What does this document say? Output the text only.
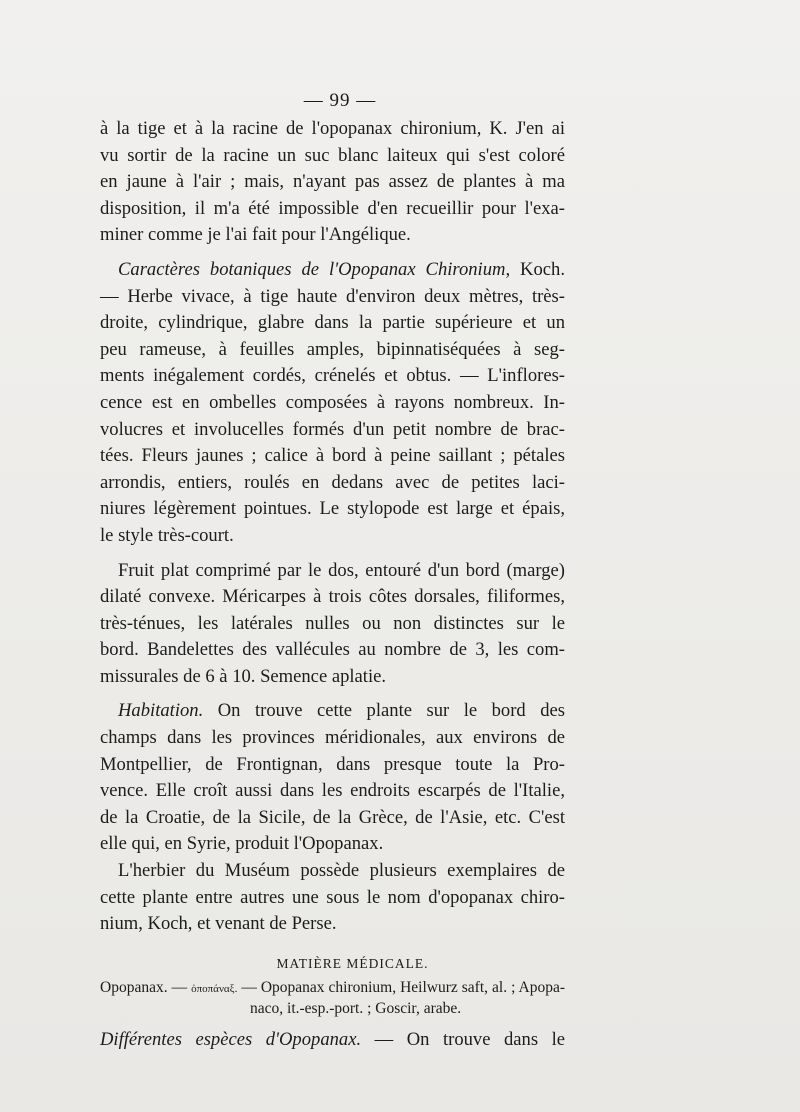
— 99 —
à la tige et à la racine de l'opopanax chironium, K. J'en ai
vu sortir de la racine un suc blanc laiteux qui s'est coloré
en jaune à l'air ; mais, n'ayant pas assez de plantes à ma
disposition, il m'a été impossible d'en recueillir pour l'exa-
miner comme je l'ai fait pour l'Angélique.
Caractères botaniques de l'Opopanax Chironium, Koch.
— Herbe vivace, à tige haute d'environ deux mètres, très-
droite, cylindrique, glabre dans la partie supérieure et un
peu rameuse, à feuilles amples, bipinnatiséquées à seg-
ments inégalement cordés, crénelés et obtus. — L'inflores-
cence est en ombelles composées à rayons nombreux. In-
volucres et involucelles formés d'un petit nombre de brac-
tées. Fleurs jaunes ; calice à bord à peine saillant ; pétales
arrondis, entiers, roulés en dedans avec de petites laci-
niures légèrement pointues. Le stylopode est large et épais,
le style très-court.
Fruit plat comprimé par le dos, entouré d'un bord (marge)
dilaté convexe. Méricarpes à trois côtes dorsales, filiformes,
très-ténues, les latérales nulles ou non distinctes sur le
bord. Bandelettes des vallécules au nombre de 3, les com-
missurales de 6 à 10. Semence aplatie.
Habitation. On trouve cette plante sur le bord des
champs dans les provinces méridionales, aux environs de
Montpellier, de Frontignan, dans presque toute la Pro-
vence. Elle croît aussi dans les endroits escarpés de l'Italie,
de la Croatie, de la Sicile, de la Grèce, de l'Asie, etc. C'est
elle qui, en Syrie, produit l'Opopanax.
L'herbier du Muséum possède plusieurs exemplaires de
cette plante entre autres une sous le nom d'opopanax chiro-
nium, Koch, et venant de Perse.
MATIÈRE MÉDICALE.
Opopanax. — ὀποπάναξ. — Opopanax chironium, Heilwurz saft, al. ; Apopa-
naco, it.-esp.-port. ; Goscir, arabe.
Différentes espèces d'Opopanax. — On trouve dans le
